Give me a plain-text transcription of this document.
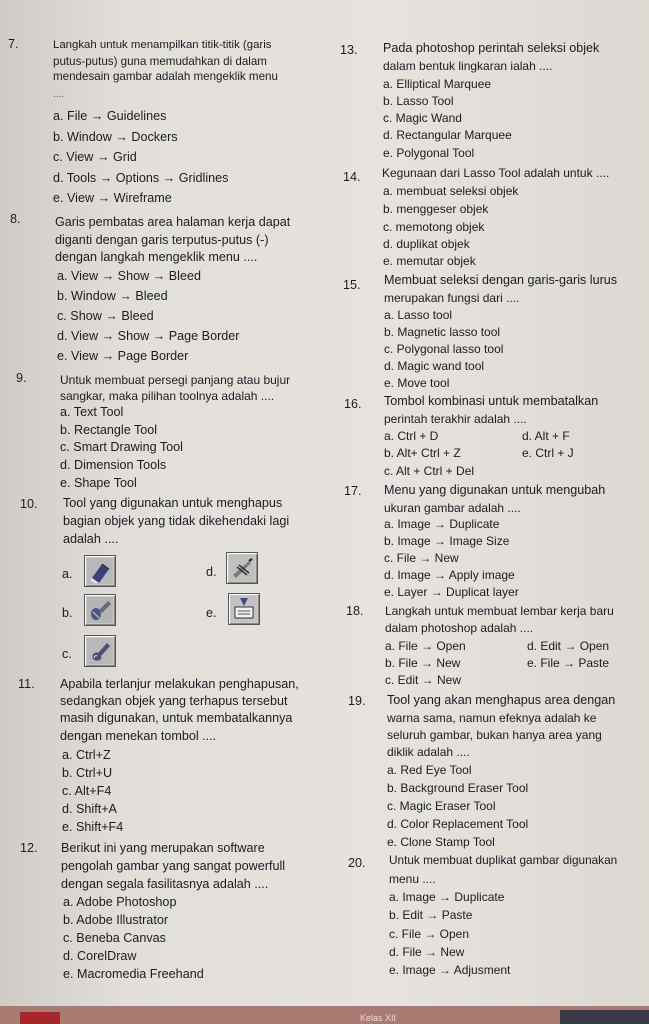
7.	Langkah untuk menampilkan titik-titik (garis
putus-putus) guna memudahkan di dalam
mendesain gambar adalah mengeklik menu
....
a. File → Guidelines
b. Window → Dockers
c. View → Grid
d. Tools → Options → Gridlines
e. View → Wireframe
8.	Garis pembatas area halaman kerja dapat
diganti dengan garis terputus-putus (-)
dengan langkah mengeklik menu ....
a. View → Show → Bleed
b. Window → Bleed
c. Show → Bleed
d. View → Show → Page Border
e. View → Page Border
9.	Untuk membuat persegi panjang atau bujur
sangkar, maka pilihan toolnya adalah ....
a. Text Tool
b. Rectangle Tool
c. Smart Drawing Tool
d. Dimension Tools
e. Shape Tool
10. Tool yang digunakan untuk menghapus
bagian objek yang tidak dikehendaki lagi
adalah ....
a.	d.
b.	e.
c.
11. Apabila terlanjur melakukan penghapusan,
sedangkan objek yang terhapus tersebut
masih digunakan, untuk membatalkannya
dengan menekan tombol ....
a. Ctrl+Z
b. Ctrl+U
c. Alt+F4
d. Shift+A
e. Shift+F4
12. Berikut ini yang merupakan software
pengolah gambar yang sangat powerfull
dengan segala fasilitasnya adalah ....
a. Adobe Photoshop
b. Adobe Illustrator
c. Beneba Canvas
d. CorelDraw
e. Macromedia Freehand
13. Pada photoshop perintah seleksi objek
dalam bentuk lingkaran ialah ....
a. Elliptical Marquee
b. Lasso Tool
c. Magic Wand
d. Rectangular Marquee
e. Polygonal Tool
14. Kegunaan dari Lasso Tool adalah untuk ....
a. membuat seleksi objek
b. menggeser objek
c. memotong objek
d. duplikat objek
e. memutar objek
15. Membuat seleksi dengan garis-garis lurus
merupakan fungsi dari ....
a. Lasso tool
b. Magnetic lasso tool
c. Polygonal lasso tool
d. Magic wand tool
e. Move tool
16. Tombol kombinasi untuk membatalkan
perintah terakhir adalah ....
a. Ctrl + D	d. Alt + F
b. Alt+ Ctrl + Z	e. Ctrl + J
c. Alt + Ctrl + Del
17. Menu yang digunakan untuk mengubah
ukuran gambar adalah ....
a. Image → Duplicate
b. Image → Image Size
c. File → New
d. Image → Apply image
e. Layer → Duplicat layer
18. Langkah untuk membuat lembar kerja baru
dalam photoshop adalah ....
a. File → Open	d. Edit → Open
b. File → New	e. File → Paste
c. Edit → New
19. Tool yang akan menghapus area dengan
warna sama, namun efeknya adalah ke
seluruh gambar, bukan hanya area yang
diklik adalah ....
a. Red Eye Tool
b. Background Eraser Tool
c. Magic Eraser Tool
d. Color Replacement Tool
e. Clone Stamp Tool
20. Untuk membuat duplikat gambar digunakan
menu ....
a. Image → Duplicate
b. Edit → Paste
c. File → Open
d. File → New
e. Image → Adjusment
Kelas XII
